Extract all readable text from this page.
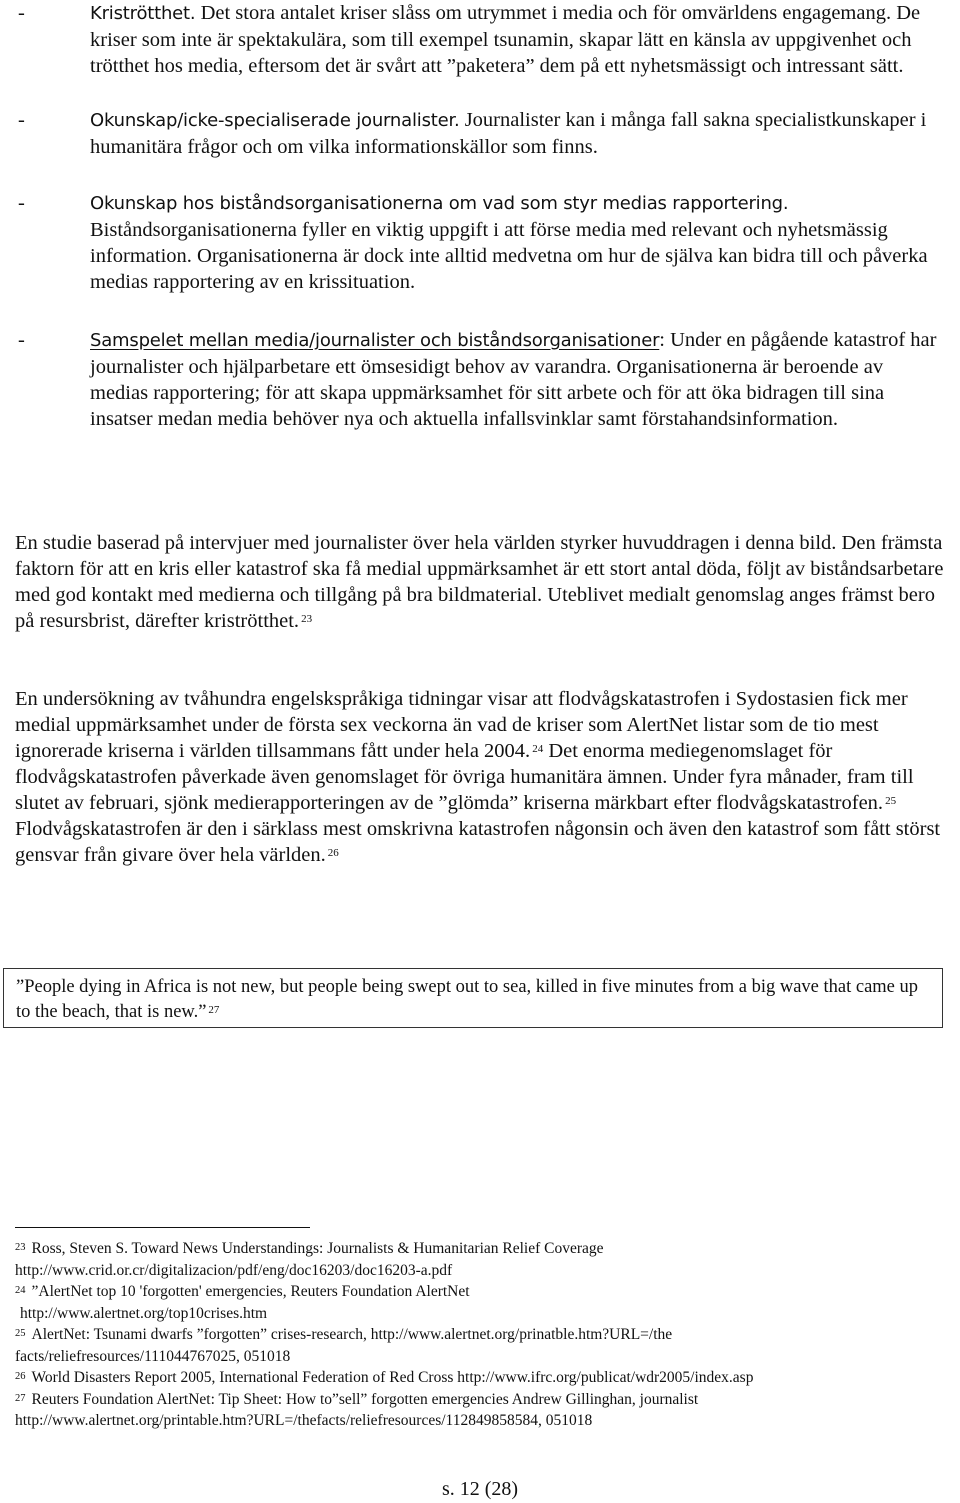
-	Kriströtthet. Det stora antalet kriser slåss om utrymmet i media och för omvärldens engagemang. De kriser som inte är spektakulära, som till exempel tsunamin, skapar lätt en känsla av uppgivenhet och trötthet hos media, eftersom det är svårt att ”paketera” dem på ett nyhetsmässigt och intressant sätt.
-	Okunskap/icke-specialiserade journalister. Journalister kan i många fall sakna specialistkunskaper i humanitära frågor och om vilka informationskällor som finns.
-	Okunskap hos biståndsorganisationerna om vad som styr medias rapportering. Biståndsorganisationerna fyller en viktig uppgift i att förse media med relevant och nyhetsmässig information. Organisationerna är dock inte alltid medvetna om hur de själva kan bidra till och påverka medias rapportering av en krissituation.
-	Samspelet mellan media/journalister och biståndsorganisationer: Under en pågående katastrof har journalister och hjälparbetare ett ömsesidigt behov av varandra. Organisationerna är beroende av medias rapportering; för att skapa uppmärksamhet för sitt arbete och för att öka bidragen till sina insatser medan media behöver nya och aktuella infallsvinklar samt förstahandsinformation.

En studie baserad på intervjuer med journalister över hela världen styrker huvuddragen i denna bild. Den främsta faktorn för att en kris eller katastrof ska få medial uppmärksamhet är ett stort antal döda, följt av biståndsarbetare med god kontakt med medierna och tillgång på bra bildmaterial. Uteblivet medialt genomslag anges främst bero på resursbrist, därefter kriströtthet. $^{23}$

En undersökning av tvåhundra engelskspråkiga tidningar visar att flodvågskatastrofen i Sydostasien fick mer medial uppmärksamhet under de första sex veckorna än vad de kriser som AlertNet listar som de tio mest ignorerade kriserna i världen tillsammans fått under hela 2004. $^{24}$ Det enorma mediegenomslaget för flodvågskatastrofen påverkade även genomslaget för övriga humanitära ämnen. Under fyra månader, fram till slutet av februari, sjönk medierapporteringen av de ”glömda” kriserna märkbart efter flodvågskatastrofen. $^{25}$ Flodvågskatastrofen är den i särklass mest omskrivna katastrofen någonsin och även den katastrof som fått störst gensvar från givare över hela världen. $^{26}$

”People dying in Africa is not new, but people being swept out to sea, killed in five minutes from a big wave that came up to the beach, that is new.” $^{27}$

$^{23}$ Ross, Steven S. Toward News Understandings: Journalists & Humanitarian Relief Coverage
http://www.crid.or.cr/digitalizacion/pdf/eng/doc16203/doc16203-a.pdf

$^{24}$ ”AlertNet top 10 'forgotten' emergencies, Reuters Foundation AlertNet
http://www.alertnet.org/top10crises.htm

$^{25}$ AlertNet: Tsunami dwarfs ”forgotten” crises-research, http://www.alertnet.org/prinatble.htm?URL=/the
facts/reliefresources/111044767025, 051018

$^{26}$ World Disasters Report 2005, International Federation of Red Cross http://www.ifrc.org/publicat/wdr2005/index.asp

$^{27}$ Reuters Foundation AlertNet: Tip Sheet: How to”sell” forgotten emergencies Andrew Gillinghan, journalist
http://www.alertnet.org/printable.htm?URL=/thefacts/reliefresources/112849858584, 051018

s. 12 (28)
